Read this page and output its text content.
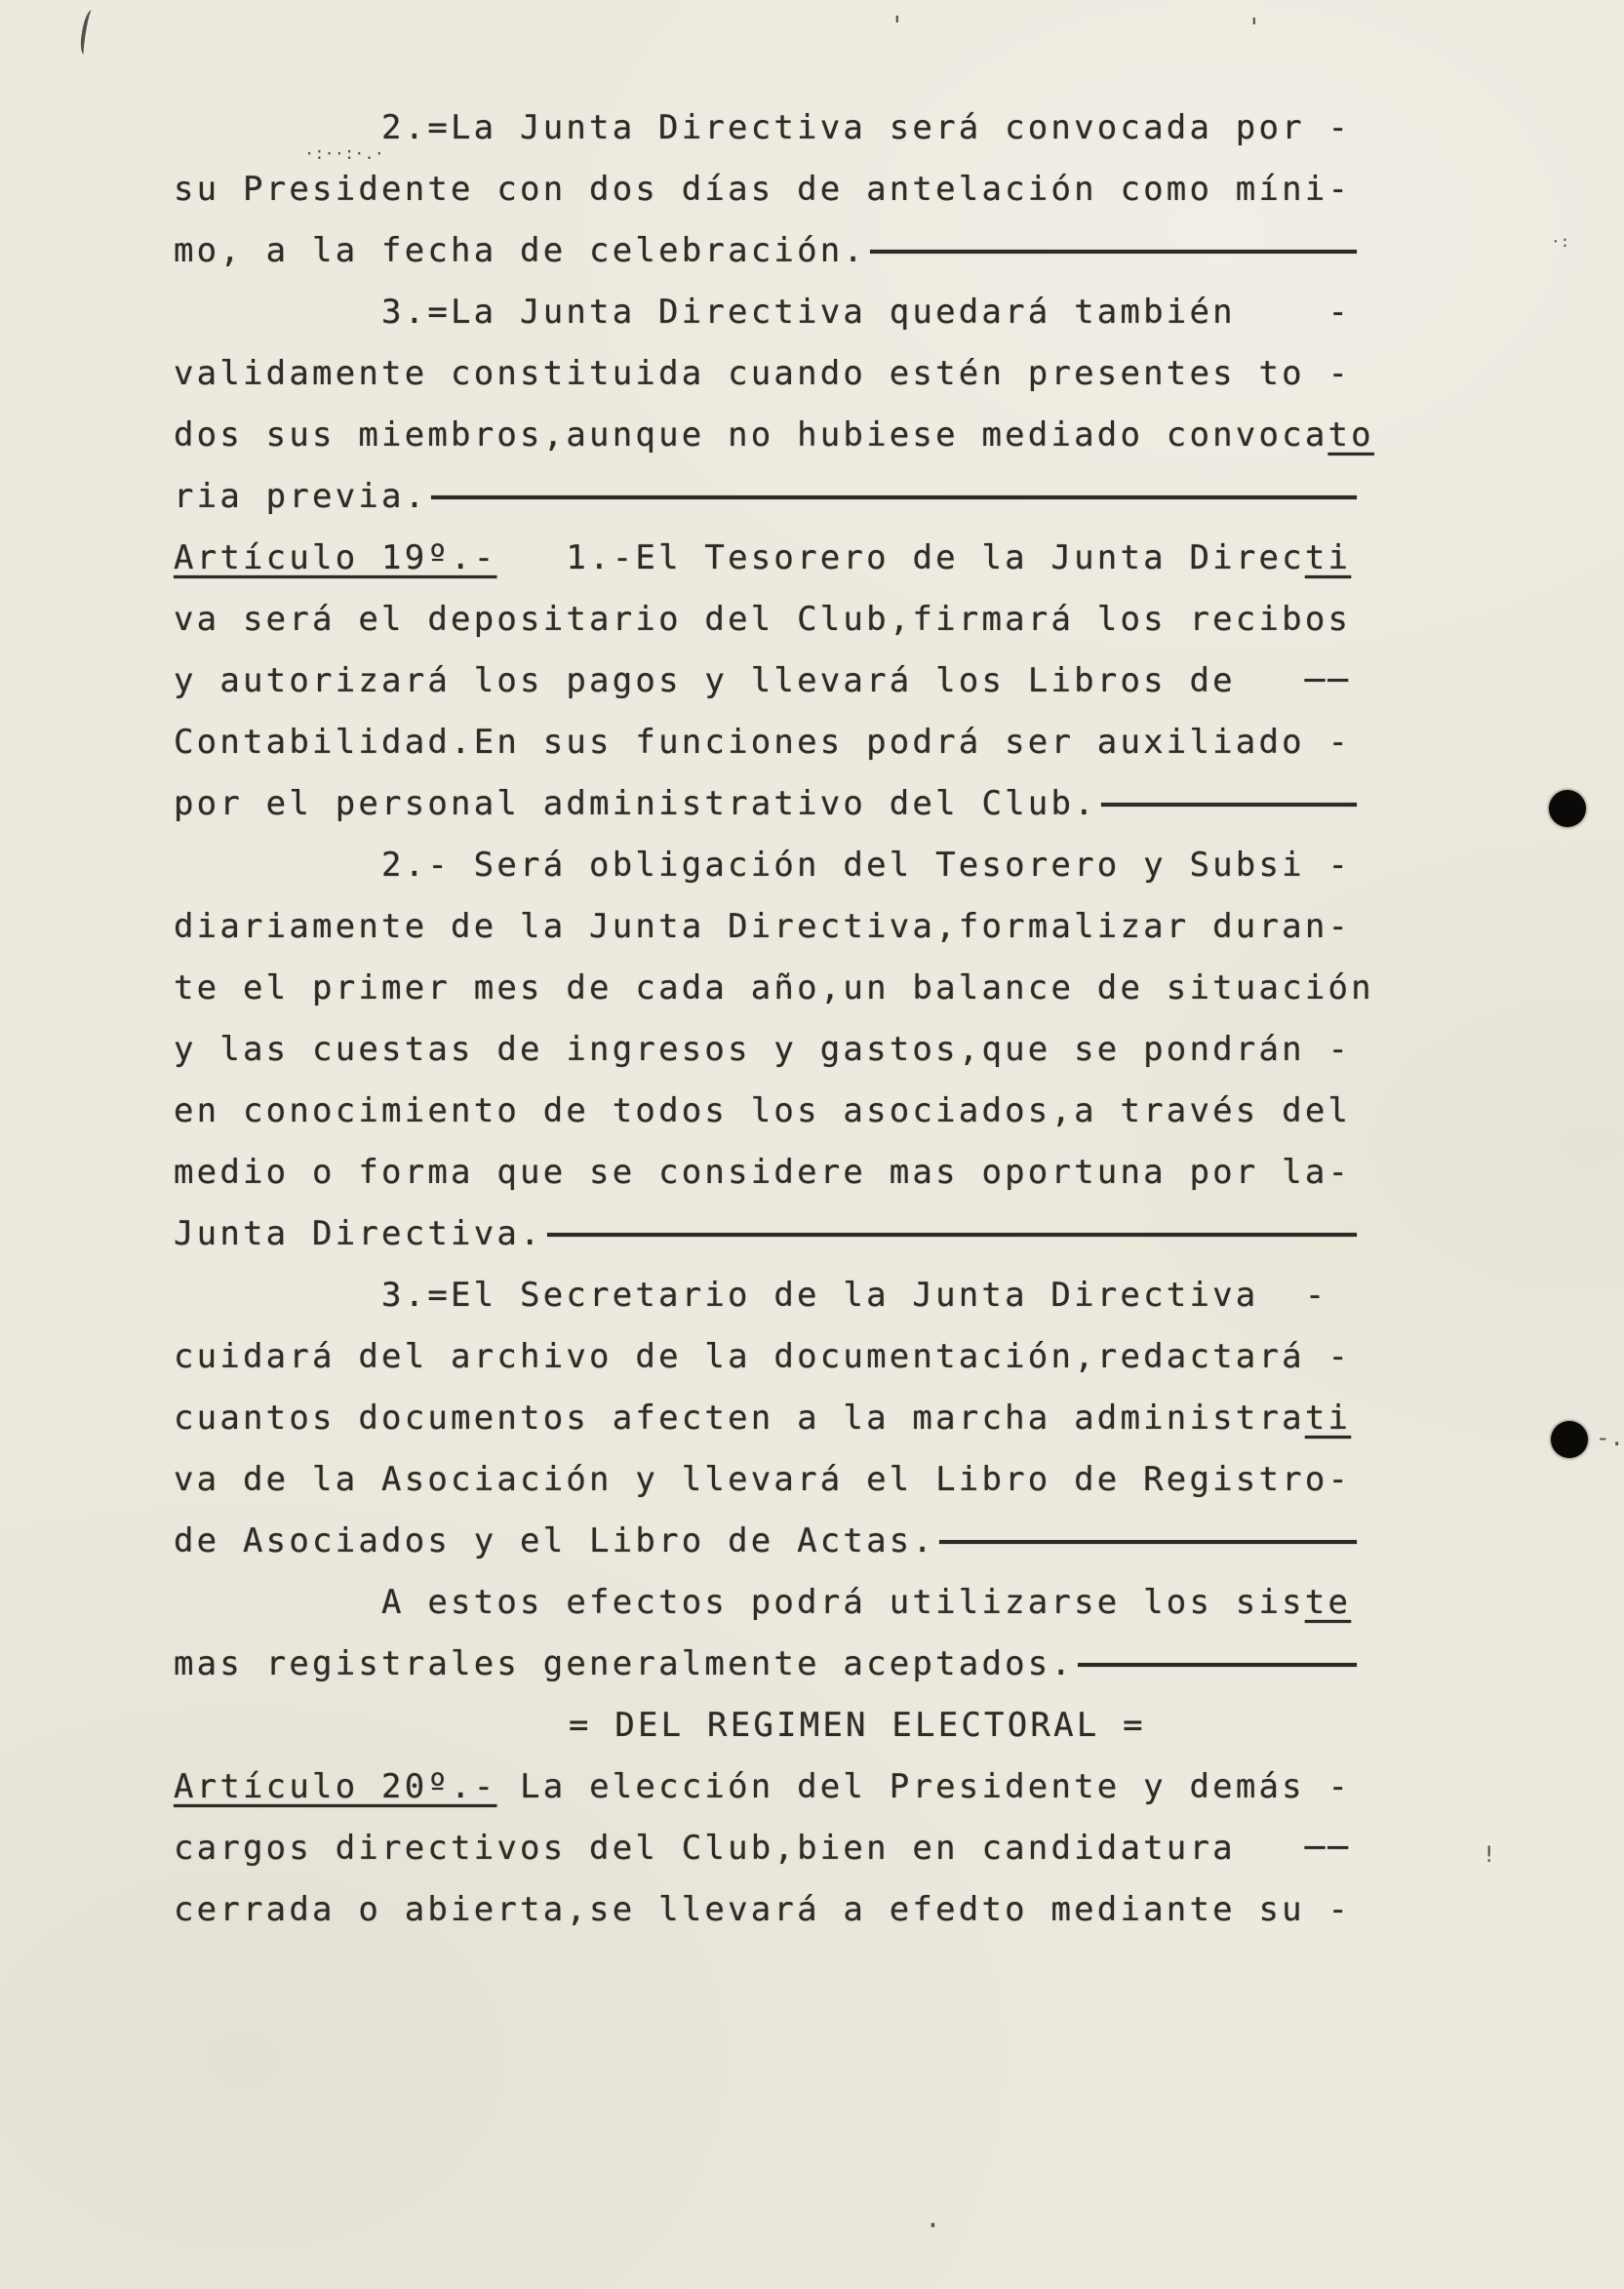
2.=La Junta Directiva será convocada por -
su Presidente con dos días de antelación como míni-
mo, a la fecha de celebración.
3.=La Junta Directiva quedará también    -
validamente constituida cuando estén presentes to -
dos sus miembros,aunque no hubiese mediado convoca to
ria previa.
Artículo 19º.- 1.-El Tesorero de la Junta Direc ti
va será el depositario del Club,firmará los recibos
y autorizará los pagos y llevará los Libros de   ──
Contabilidad.En sus funciones podrá ser auxiliado -
por el personal administrativo del Club.
2.- Será obligación del Tesorero y Subsi -
diariamente de la Junta Directiva,formalizar duran-
te el primer mes de cada año,un balance de situación
y las cuestas de ingresos y gastos,que se pondrán -
en conocimiento de todos los asociados,a través del
medio o forma que se considere mas oportuna por la-
Junta Directiva.
3.=El Secretario de la Junta Directiva  -
cuidará del archivo de la documentación,redactará -
cuantos documentos afecten a la marcha administra ti
va de la Asociación y llevará el Libro de Registro-
de Asociados y el Libro de Actas.
A estos efectos podrá utilizarse los sis te
mas registrales generalmente aceptados.
= DEL REGIMEN ELECTORAL =
Artículo 20º.- La elección del Presidente y demás -
cargos directivos del Club,bien en candidatura   ──
cerrada o abierta,se llevará a efedto mediante su -
·:··:·.·
'	'
-.
·
!
·:
